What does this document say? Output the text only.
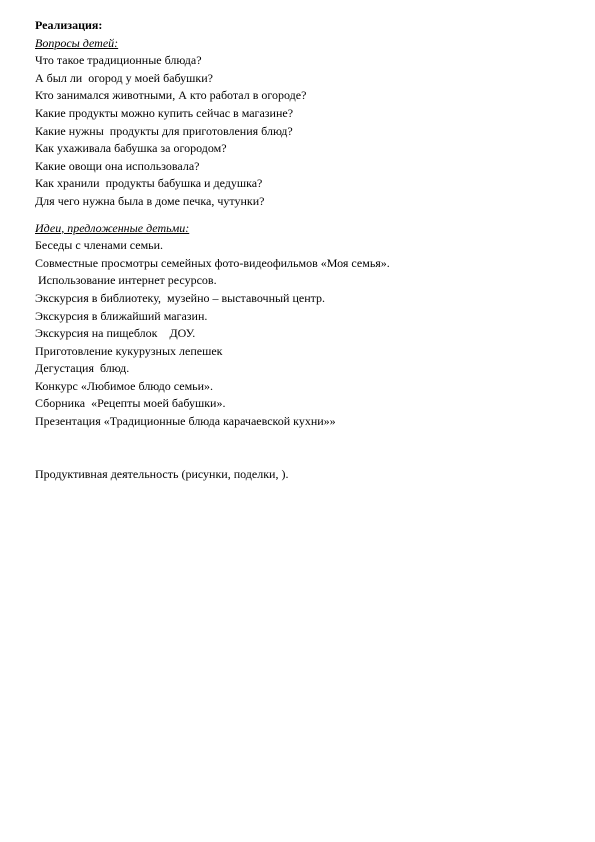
Реализация:

Вопросы детей:

Что такое традиционные блюда?

А был ли  огород у моей бабушки?

Кто занимался животными, А кто работал в огороде?

Какие продукты можно купить сейчас в магазине?

Какие нужны  продукты для приготовления блюд?

Как ухаживала бабушка за огородом?

Какие овощи она использовала?

Как хранили  продукты бабушка и дедушка?

Для чего нужна была в доме печка, чутунки?

Идеи, предложенные детьми:

Беседы с членами семьи.

Совместные просмотры семейных фото-видеофильмов «Моя семья».

Использование интернет ресурсов.

Экскурсия в библиотеку,  музейно – выставочный центр.

Экскурсия в ближайший магазин.

Экскурсия на пищеблок    ДОУ.

Приготовление кукурузных лепешек

Дегустация  блюд.

Конкурс «Любимое блюдо семьи».

Сборника  «Рецепты моей бабушки».

Презентация «Традиционные блюда карачаевской кухни»»

Продуктивная деятельность (рисунки, поделки, ).
